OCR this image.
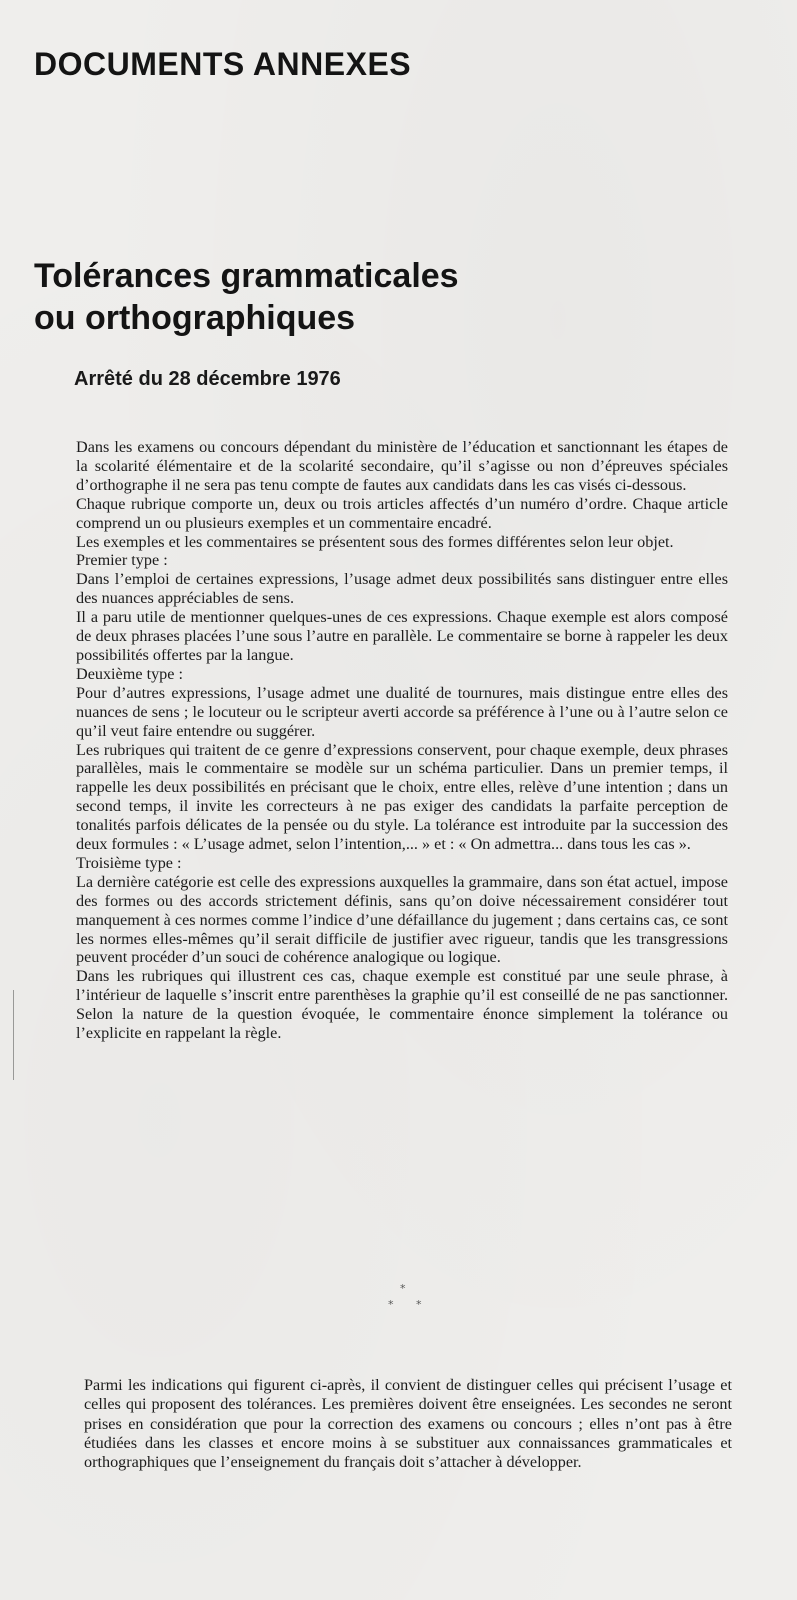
DOCUMENTS ANNEXES
Tolérances grammaticales
ou orthographiques
Arrêté du 28 décembre 1976

Dans les examens ou concours dépendant du ministère de l’éducation et sanctionnant les étapes de la scolarité élémentaire et de la scolarité secondaire, qu’il s’agisse ou non d’épreuves spéciales d’orthographe il ne sera pas tenu compte de fautes aux candidats dans les cas visés ci-dessous.

Chaque rubrique comporte un, deux ou trois articles affectés d’un numéro d’ordre. Chaque article comprend un ou plusieurs exemples et un commentaire encadré.

Les exemples et les commentaires se présentent sous des formes différentes selon leur objet.

Premier type :

Dans l’emploi de certaines expressions, l’usage admet deux possibilités sans distinguer entre elles des nuances appréciables de sens.

Il a paru utile de mentionner quelques-unes de ces expressions. Chaque exemple est alors composé de deux phrases placées l’une sous l’autre en parallèle. Le commentaire se borne à rappeler les deux possibilités offertes par la langue.

Deuxième type :

Pour d’autres expressions, l’usage admet une dualité de tournures, mais distingue entre elles des nuances de sens ; le locuteur ou le scripteur averti accorde sa préférence à l’une ou à l’autre selon ce qu’il veut faire entendre ou suggérer.

Les rubriques qui traitent de ce genre d’expressions conservent, pour chaque exemple, deux phrases parallèles, mais le commentaire se modèle sur un schéma particulier. Dans un premier temps, il rappelle les deux possibilités en précisant que le choix, entre elles, relève d’une intention ; dans un second temps, il invite les correcteurs à ne pas exiger des candidats la parfaite perception de tonalités parfois délicates de la pensée ou du style. La tolérance est introduite par la succession des deux formules : « L’usage admet, selon l’intention,... » et : « On admettra... dans tous les cas ».

Troisième type :

La dernière catégorie est celle des expressions auxquelles la grammaire, dans son état actuel, impose des formes ou des accords strictement définis, sans qu’on doive nécessairement considérer tout manquement à ces normes comme l’indice d’une défaillance du jugement ; dans certains cas, ce sont les normes elles-mêmes qu’il serait difficile de justifier avec rigueur, tandis que les transgressions peuvent procéder d’un souci de cohérence analogique ou logique.

Dans les rubriques qui illustrent ces cas, chaque exemple est constitué par une seule phrase, à l’intérieur de laquelle s’inscrit entre parenthèses la graphie qu’il est conseillé de ne pas sanctionner. Selon la nature de la question évoquée, le commentaire énonce simplement la tolérance ou l’explicite en rappelant la règle.

*
* *

Parmi les indications qui figurent ci-après, il convient de distinguer celles qui précisent l’usage et celles qui proposent des tolérances. Les premières doivent être enseignées. Les secondes ne seront prises en considération que pour la correction des examens ou concours ; elles n’ont pas à être étudiées dans les classes et encore moins à se substituer aux connaissances grammaticales et orthographiques que l’enseignement du français doit s’attacher à développer.
